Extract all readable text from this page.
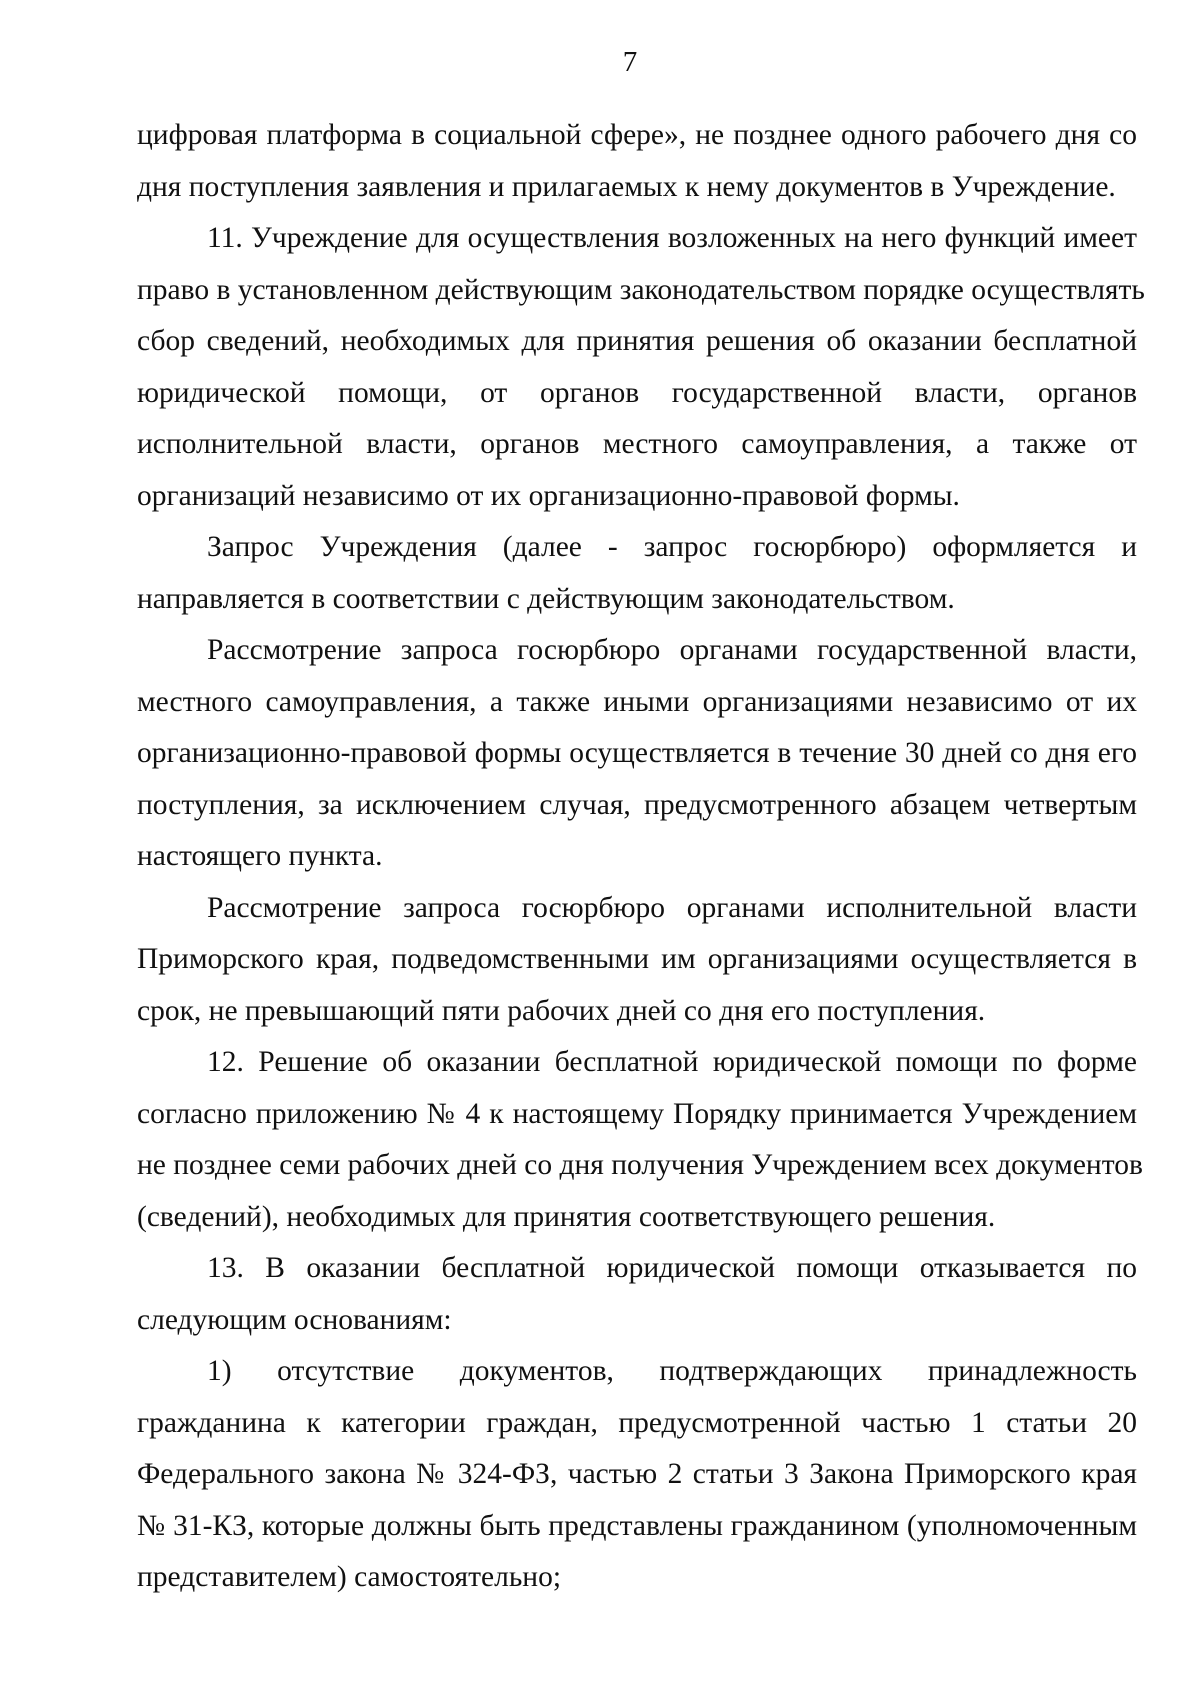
7

цифровая платформа в социальной сфере», не позднее одного рабочего дня со
дня поступления заявления и прилагаемых к нему документов в Учреждение.

11. Учреждение для осуществления возложенных на него функций имеет
право в установленном действующим законодательством порядке осуществлять
сбор сведений, необходимых для принятия решения об оказании бесплатной
юридической помощи, от органов государственной власти, органов
исполнительной власти, органов местного самоуправления, а также от
организаций независимо от их организационно-правовой формы.

Запрос Учреждения (далее - запрос госюрбюро) оформляется и
направляется в соответствии с действующим законодательством.

Рассмотрение запроса госюрбюро органами государственной власти,
местного самоуправления, а также иными организациями независимо от их
организационно-правовой формы осуществляется в течение 30 дней со дня его
поступления, за исключением случая, предусмотренного абзацем четвертым
настоящего пункта.

Рассмотрение запроса госюрбюро органами исполнительной власти
Приморского края, подведомственными им организациями осуществляется в
срок, не превышающий пяти рабочих дней со дня его поступления.

12. Решение об оказании бесплатной юридической помощи по форме
согласно приложению № 4 к настоящему Порядку принимается Учреждением
не позднее семи рабочих дней со дня получения Учреждением всех документов
(сведений), необходимых для принятия соответствующего решения.

13. В оказании бесплатной юридической помощи отказывается по
следующим основаниям:

1) отсутствие документов, подтверждающих принадлежность
гражданина к категории граждан, предусмотренной частью 1 статьи 20
Федерального закона № 324-ФЗ, частью 2 статьи 3 Закона Приморского края
№ 31-КЗ, которые должны быть представлены гражданином (уполномоченным
представителем) самостоятельно;
